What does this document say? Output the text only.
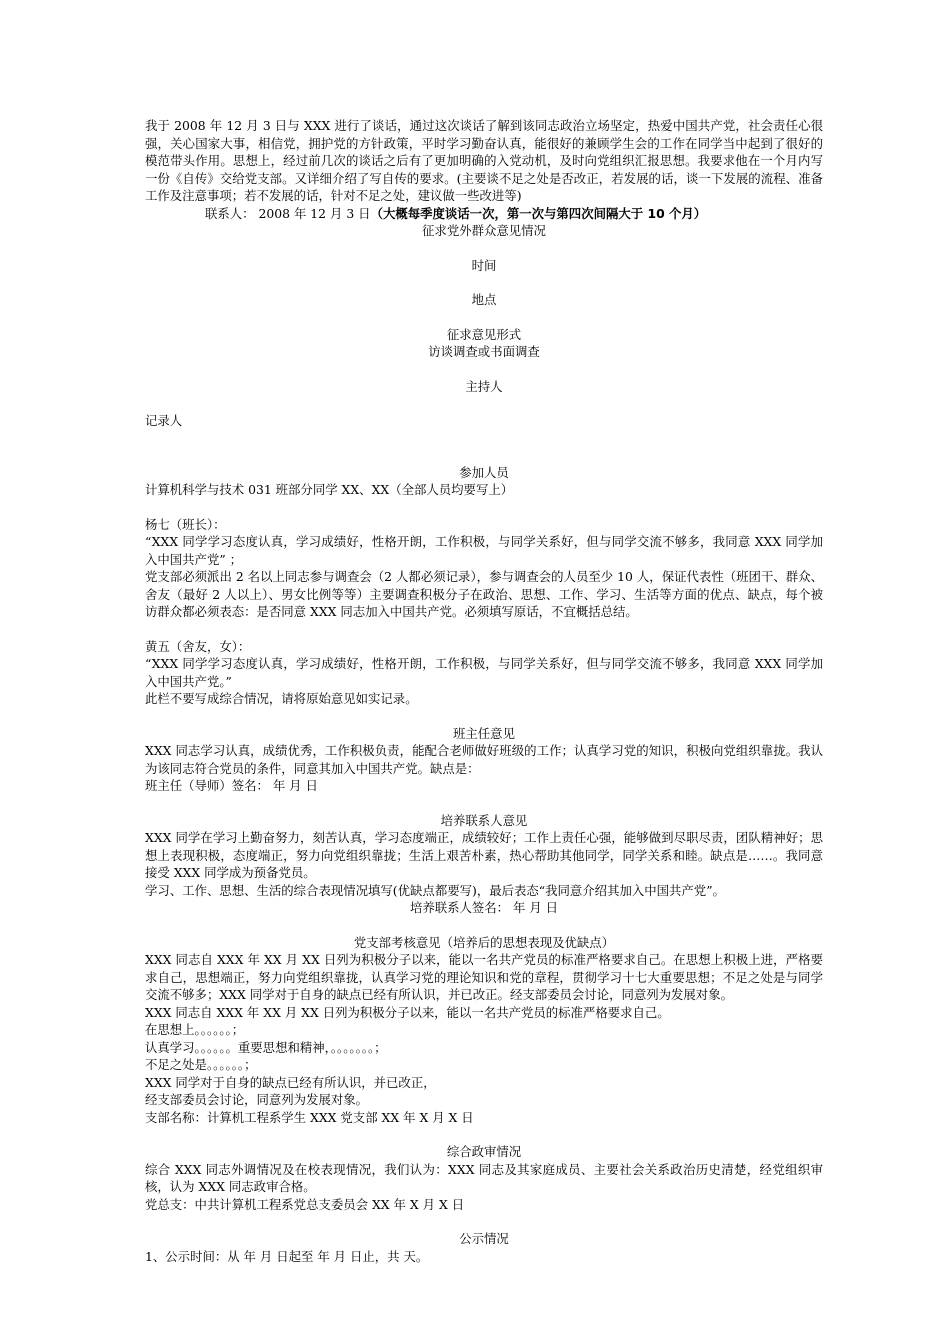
我于 2008 年 12 月 3 日与 XXX 进行了谈话，通过这次谈话了解到该同志政治立场坚定，热爱中国共产党，社会责任心很强，关心国家大事，相信党，拥护党的方针政策，平时学习勤奋认真，能很好的兼顾学生会的工作在同学当中起到了很好的模范带头作用。思想上，经过前几次的谈话之后有了更加明确的入党动机，及时向党组织汇报思想。我要求他在一个月内写一份《自传》交给党支部。又详细介绍了写自传的要求。(主要谈不足之处是否改正，若发展的话，谈一下发展的流程、准备工作及注意事项；若不发展的话，针对不足之处，建议做一些改进等)

联系人： 2008 年 12 月 3 日（大概每季度谈话一次，第一次与第四次间隔大于 10 个月）

征求党外群众意见情况

时间

地点

征求意见形式

访谈调查或书面调查

主持人

记录人

参加人员

计算机科学与技术 031 班部分同学 XX、XX（全部人员均要写上）

杨七（班长）：

“XXX 同学学习态度认真，学习成绩好，性格开朗，工作积极，与同学关系好，但与同学交流不够多，我同意 XXX 同学加入中国共产党” ；

党支部必须派出 2 名以上同志参与调查会（2 人都必须记录），参与调查会的人员至少 10 人，保证代表性（班团干、群众、舍友（最好 2 人以上）、男女比例等等）主要调查积极分子在政治、思想、工作、学习、生活等方面的优点、缺点，每个被访群众都必须表态：是否同意 XXX 同志加入中国共产党。必须填写原话，不宜概括总结。

黄五（舍友，女）：

“XXX 同学学习态度认真，学习成绩好，性格开朗，工作积极，与同学关系好，但与同学交流不够多，我同意 XXX 同学加入中国共产党。”

此栏不要写成综合情况，请将原始意见如实记录。

班主任意见

XXX 同志学习认真，成绩优秀，工作积极负责，能配合老师做好班级的工作；认真学习党的知识，积极向党组织靠拢。我认为该同志符合党员的条件，同意其加入中国共产党。缺点是：

班主任（导师）签名： 年 月 日

培养联系人意见

XXX 同学在学习上勤奋努力，刻苦认真，学习态度端正，成绩较好；工作上责任心强，能够做到尽职尽责，团队精神好；思想上表现积极，态度端正，努力向党组织靠拢；生活上艰苦朴素，热心帮助其他同学，同学关系和睦。缺点是……。我同意接受 XXX 同学成为预备党员。

学习、工作、思想、生活的综合表现情况填写(优缺点都要写)，最后表态“我同意介绍其加入中国共产党”。

培养联系人签名： 年 月 日

党支部考核意见（培养后的思想表现及优缺点）

XXX 同志自 XXX 年 XX 月 XX 日列为积极分子以来，能以一名共产党员的标准严格要求自己。在思想上积极上进，严格要求自己，思想端正，努力向党组织靠拢，认真学习党的理论知识和党的章程，贯彻学习十七大重要思想；不足之处是与同学交流不够多；XXX 同学对于自身的缺点已经有所认识，并已改正。经支部委员会讨论，同意列为发展对象。

XXX 同志自 XXX 年 XX 月 XX 日列为积极分子以来，能以一名共产党员的标准严格要求自己。

在思想上。。。。。。；

认真学习。。。。。。重要思想和精神，。。。。。。。；

不足之处是。。。。。。；

XXX 同学对于自身的缺点已经有所认识，并已改正，

经支部委员会讨论，同意列为发展对象。

支部名称：计算机工程系学生 XXX 党支部 XX 年 X 月 X 日

综合政审情况

综合 XXX 同志外调情况及在校表现情况，我们认为：XXX 同志及其家庭成员、主要社会关系政治历史清楚，经党组织审核，认为 XXX 同志政审合格。

党总支：中共计算机工程系党总支委员会 XX 年 X 月 X 日

公示情况

1、公示时间：从 年 月 日起至 年 月 日止，共 天。
